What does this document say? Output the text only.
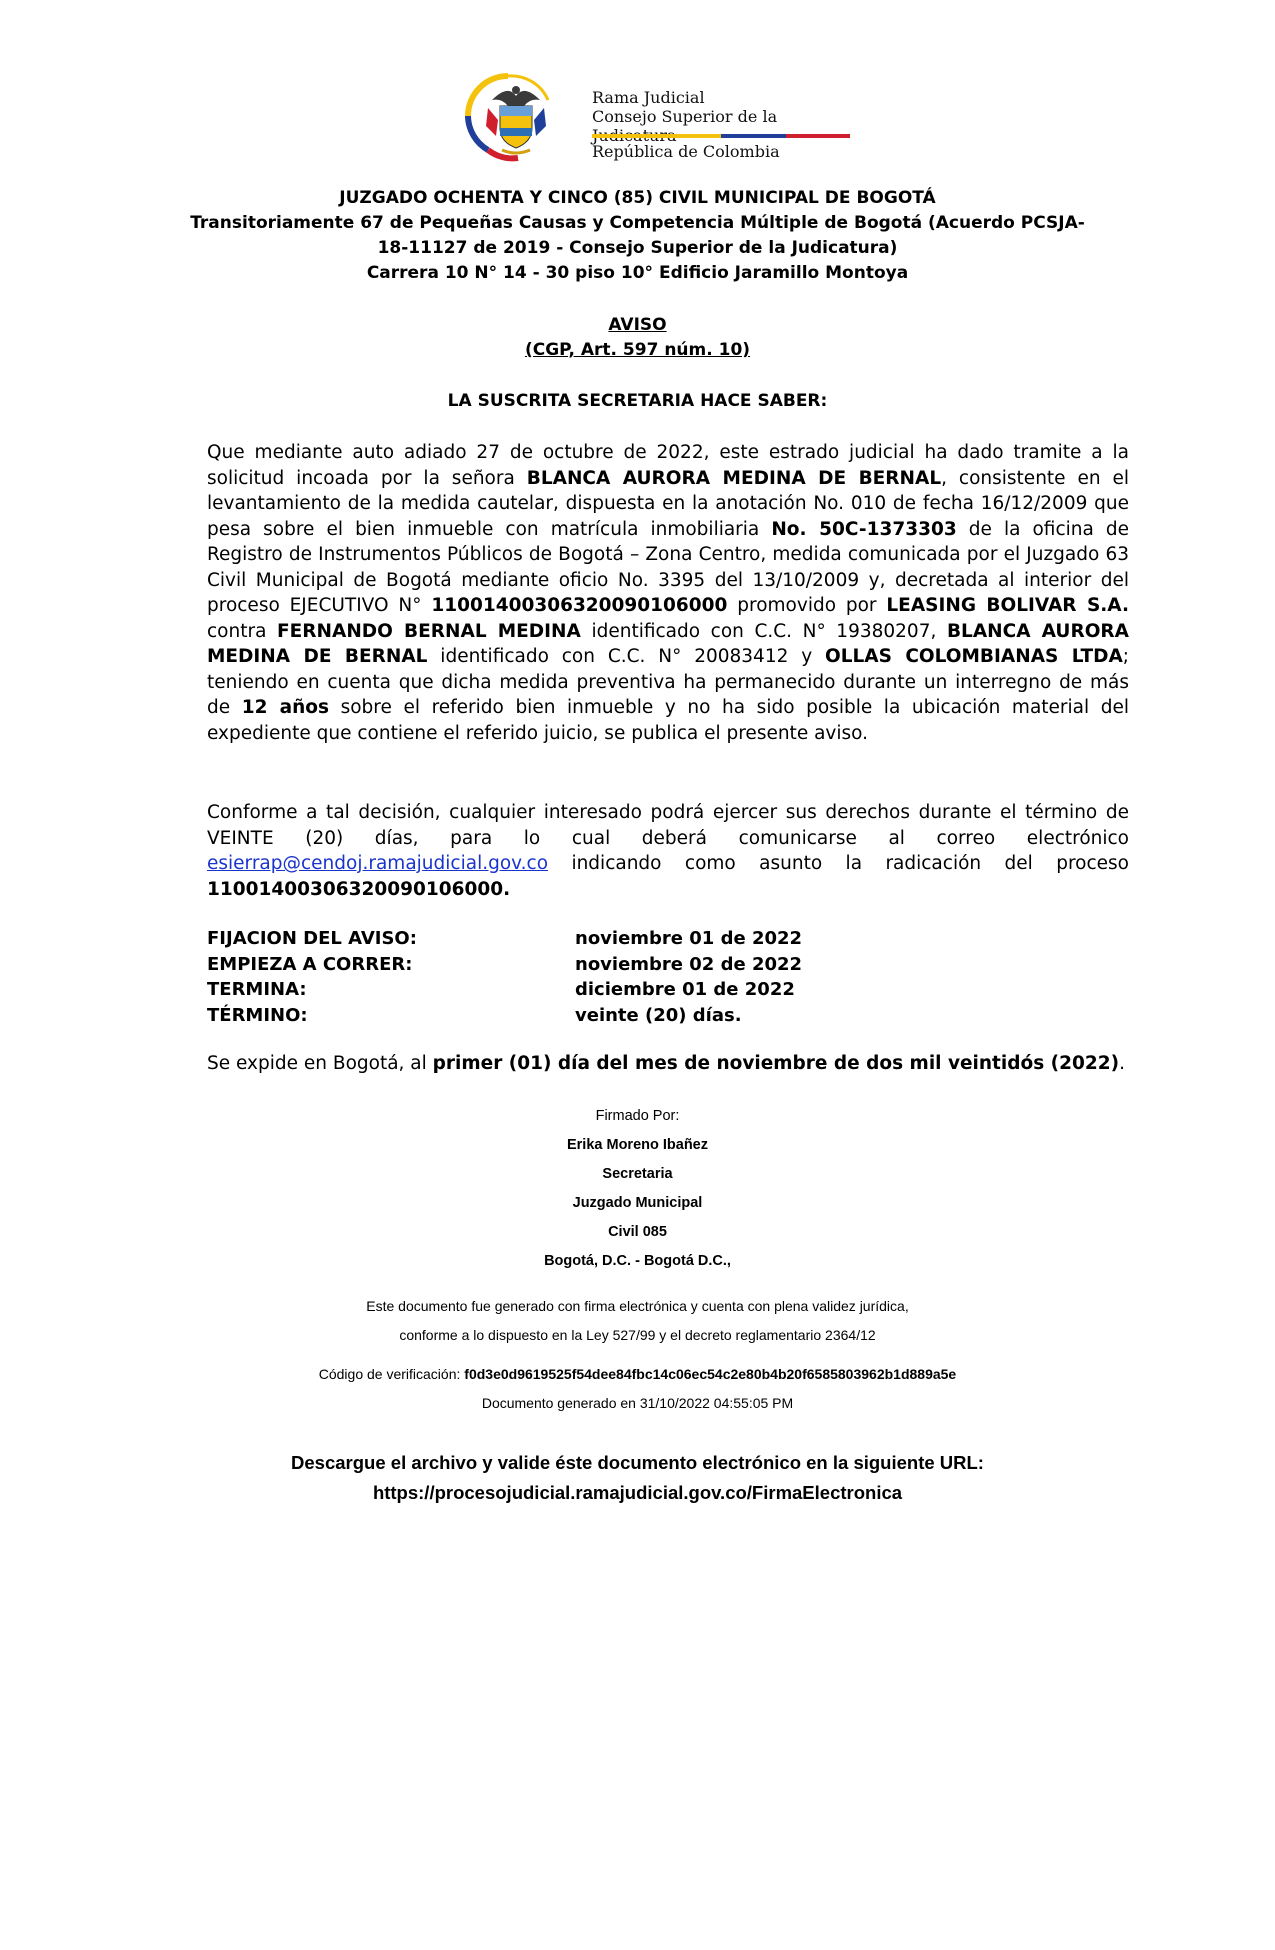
Rama Judicial
Consejo Superior de la
República de Colombia
JUZGADO OCHENTA Y CINCO (85) CIVIL MUNICIPAL DE BOGOTÁ
Transitoriamente 67 de Pequeñas Causas y Competencia Múltiple de Bogotá (Acuerdo PCSJA-
18-11127 de 2019 - Consejo Superior de la Judicatura)
Carrera 10 N° 14 - 30 piso 10° Edificio Jaramillo Montoya
AVISO
(CGP, Art. 597 núm. 10)
LA SUSCRITA SECRETARIA HACE SABER:
Que mediante auto adiado 27 de octubre de 2022, este estrado judicial ha dado tramite a la solicitud incoada por la señora BLANCA AURORA MEDINA DE BERNAL, consistente en el levantamiento de la medida cautelar, dispuesta en la anotación No. 010 de fecha 16/12/2009 que pesa sobre el bien inmueble con matrícula inmobiliaria No. 50C-1373303 de la oficina de Registro de Instrumentos Públicos de Bogotá – Zona Centro, medida comunicada por el Juzgado 63 Civil Municipal de Bogotá mediante oficio No. 3395 del 13/10/2009 y, decretada al interior del proceso EJECUTIVO N° 11001400306320090106000 promovido por LEASING BOLIVAR S.A. contra FERNANDO BERNAL MEDINA identificado con C.C. N° 19380207, BLANCA AURORA MEDINA DE BERNAL identificado con C.C. N° 20083412 y OLLAS COLOMBIANAS LTDA; teniendo en cuenta que dicha medida preventiva ha permanecido durante un interregno de más de 12 años sobre el referido bien inmueble y no ha sido posible la ubicación material del expediente que contiene el referido juicio, se publica el presente aviso.
Conforme a tal decisión, cualquier interesado podrá ejercer sus derechos durante el término de VEINTE (20) días, para lo cual deberá comunicarse al correo electrónico esierrap@cendoj.ramajudicial.gov.co indicando como asunto la radicación del proceso 11001400306320090106000.
FIJACION DEL AVISO:	noviembre 01 de 2022
EMPIEZA A CORRER:	noviembre 02 de 2022
TERMINA:	diciembre 01 de 2022
TÉRMINO:	veinte (20) días.
Se expide en Bogotá, al primer (01) día del mes de noviembre de dos mil veintidós (2022).
Firmado Por:
Erika Moreno Ibañez
Secretaria
Juzgado Municipal
Civil 085
Bogotá, D.C. - Bogotá D.C.,
Este documento fue generado con firma electrónica y cuenta con plena validez jurídica,
conforme a lo dispuesto en la Ley 527/99 y el decreto reglamentario 2364/12
Código de verificación: f0d3e0d9619525f54dee84fbc14c06ec54c2e80b4b20f6585803962b1d889a5e
Documento generado en 31/10/2022 04:55:05 PM
Descargue el archivo y valide éste documento electrónico en la siguiente URL:
https://procesojudicial.ramajudicial.gov.co/FirmaElectronica
